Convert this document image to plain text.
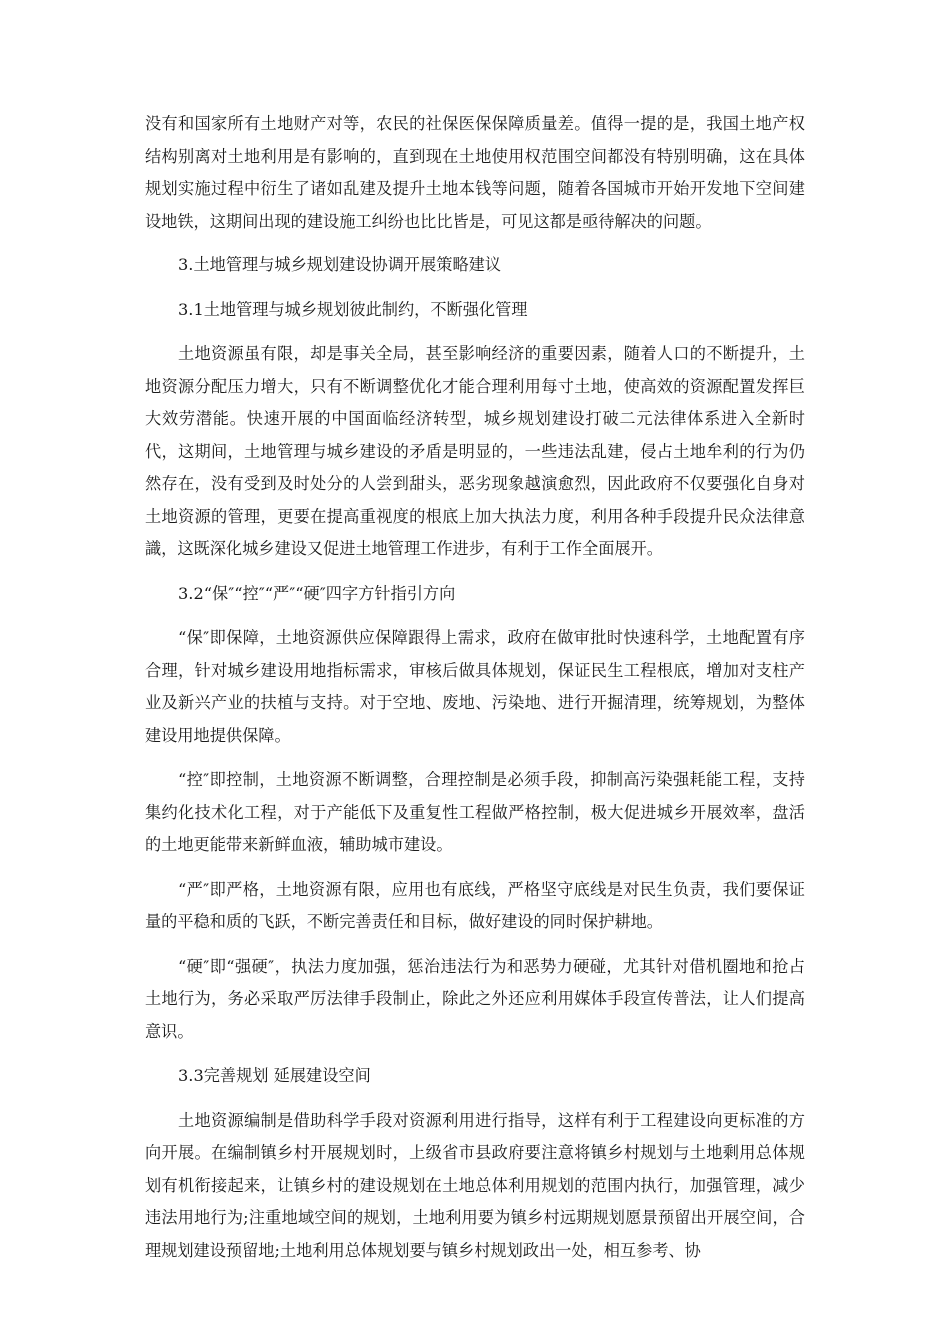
没有和国家所有土地财产对等，农民的社保医保保障质量差。值得一提的是，我国土地产权结构别离对土地利用是有影响的，直到现在土地使用权范围空间都没有特别明确，这在具体规划实施过程中衍生了诸如乱建及提升土地本钱等问题，随着各国城市开始开发地下空间建设地铁，这期间出现的建设施工纠纷也比比皆是，可见这都是亟待解决的问题。

3.土地管理与城乡规划建设协调开展策略建议

3.1土地管理与城乡规划彼此制约，不断强化管理

土地资源虽有限，却是事关全局，甚至影响经济的重要因素，随着人口的不断提升，土地资源分配压力增大，只有不断调整优化才能合理利用每寸土地，使高效的资源配置发挥巨大效劳潜能。快速开展的中国面临经济转型，城乡规划建设打破二元法律体系进入全新时代，这期间，土地管理与城乡建设的矛盾是明显的，一些违法乱建，侵占土地牟利的行为仍然存在，没有受到及时处分的人尝到甜头，恶劣现象越演愈烈，因此政府不仅要强化自身对土地资源的管理，更要在提高重视度的根底上加大执法力度，利用各种手段提升民众法律意識，这既深化城乡建设又促进土地管理工作进步，有利于工作全面展开。

3.2“保″“控″“严″“硬″四字方针指引方向

“保″即保障，土地资源供应保障跟得上需求，政府在做审批时快速科学，土地配置有序合理，针对城乡建设用地指标需求，审核后做具体规划，保证民生工程根底，增加对支柱产业及新兴产业的扶植与支持。对于空地、废地、污染地、进行开掘清理，统筹规划，为整体建设用地提供保障。

“控″即控制，土地资源不断调整，合理控制是必须手段，抑制高污染强耗能工程，支持集约化技术化工程，对于产能低下及重复性工程做严格控制，极大促进城乡开展效率，盘活的土地更能带来新鲜血液，辅助城市建设。

“严″即严格，土地资源有限，应用也有底线，严格坚守底线是对民生负责，我们要保证量的平稳和质的飞跃，不断完善责任和目标，做好建设的同时保护耕地。

“硬″即“强硬″，执法力度加强，惩治违法行为和恶势力硬碰，尤其针对借机圈地和抢占土地行为，务必采取严厉法律手段制止，除此之外还应利用媒体手段宣传普法，让人们提高意识。

3.3完善规划 延展建设空间

土地资源编制是借助科学手段对资源利用进行指导，这样有利于工程建设向更标准的方向开展。在编制镇乡村开展规划时，上级省市县政府要注意将镇乡村规划与土地剩用总体规划有机衔接起来，让镇乡村的建设规划在土地总体利用规划的范围内执行，加强管理，减少违法用地行为;注重地域空间的规划，土地利用要为镇乡村远期规划愿景预留出开展空间，合理规划建设预留地;土地利用总体规划要与镇乡村规划政出一处，相互参考、协
